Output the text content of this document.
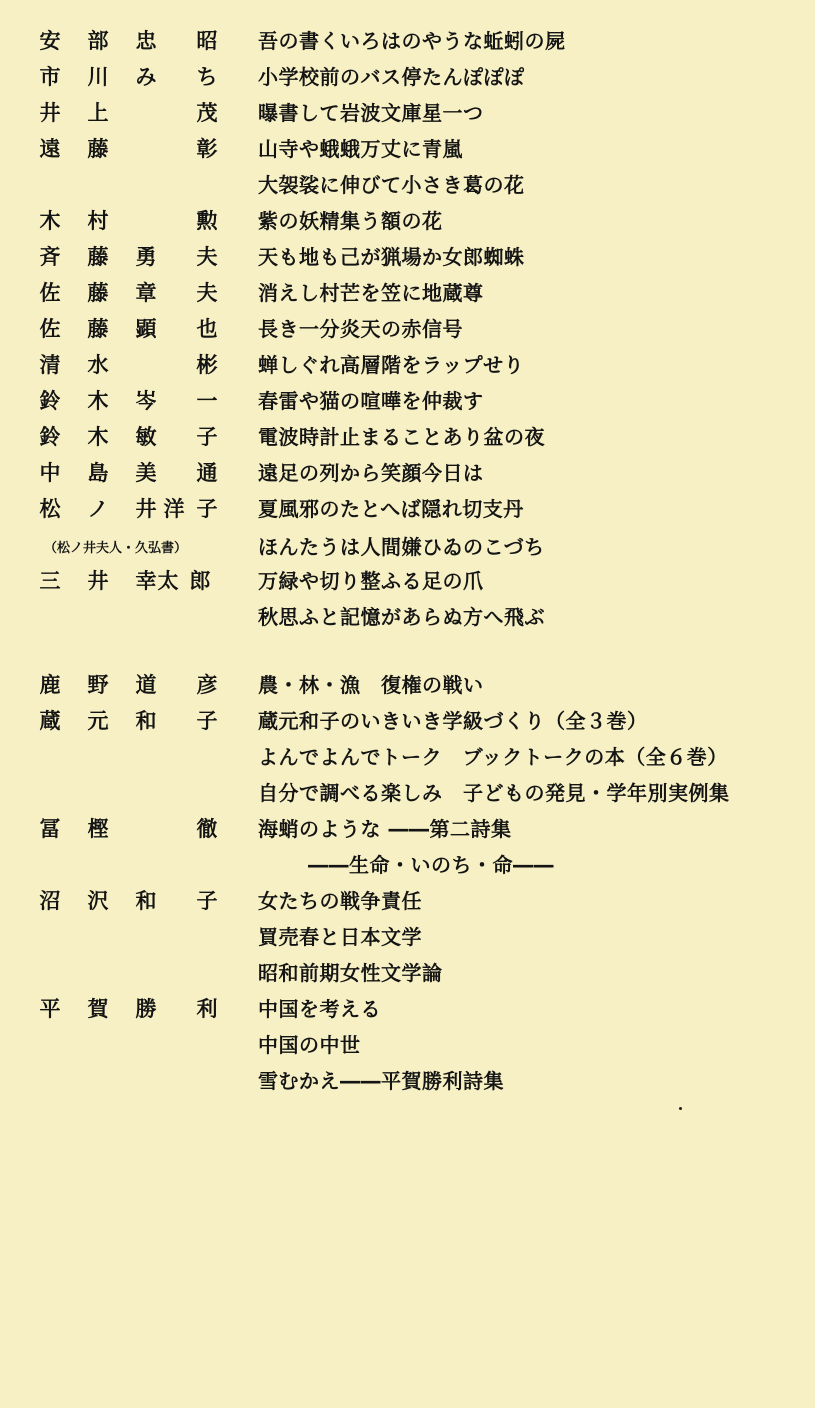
安 部 忠 昭 吾の書くいろはのやうな蚯蚓の屍
市 川 み ち 小学校前のバス停たんぽぽぽ
井 上	茂 曝書して岩波文庫星一つ
遠 藤	彰 山寺や蛾蛾万丈に青嵐
大袈裟に伸びて小さき葛の花
木 村	勲 紫の妖精集う額の花
斉 藤 勇 夫 天も地も己が猟場か女郎蜘蛛
佐 藤 章 夫 消えし村芒を笠に地蔵尊
佐 藤 顕 也 長き一分炎天の赤信号
清 水	彬 蝉しぐれ高層階をラップせり
鈴 木 岑 一 春雷や猫の喧嘩を仲裁す
鈴 木 敏 子 電波時計止まることあり盆の夜
中 島 美 通 遠足の列から笑顔今日は
松 ノ 井 洋 子 夏風邪のたとへば隠れ切支丹
（松ノ井夫人・久弘書）	ほんたうは人間嫌ひゐのこづち
三 井 幸 太 郎 万緑や切り整ふる足の爪
秋思ふと記憶があらぬ方へ飛ぶ
鹿 野 道 彦 農・林・漁　復権の戦い
蔵 元 和 子 蔵元和子のいきいき学級づくり（全３巻）
よんでよんでトーク　ブックトークの本（全６巻）
自分で調べる楽しみ　子どもの発見・学年別実例集
冨 樫	徹 海蛸のような ――第二詩集
――生命・いのち・命――
沼 沢 和 子 女たちの戦争責任
買売春と日本文学
昭和前期女性文学論
平 賀 勝 利 中国を考える
中国の中世
雪むかえ――平賀勝利詩集
